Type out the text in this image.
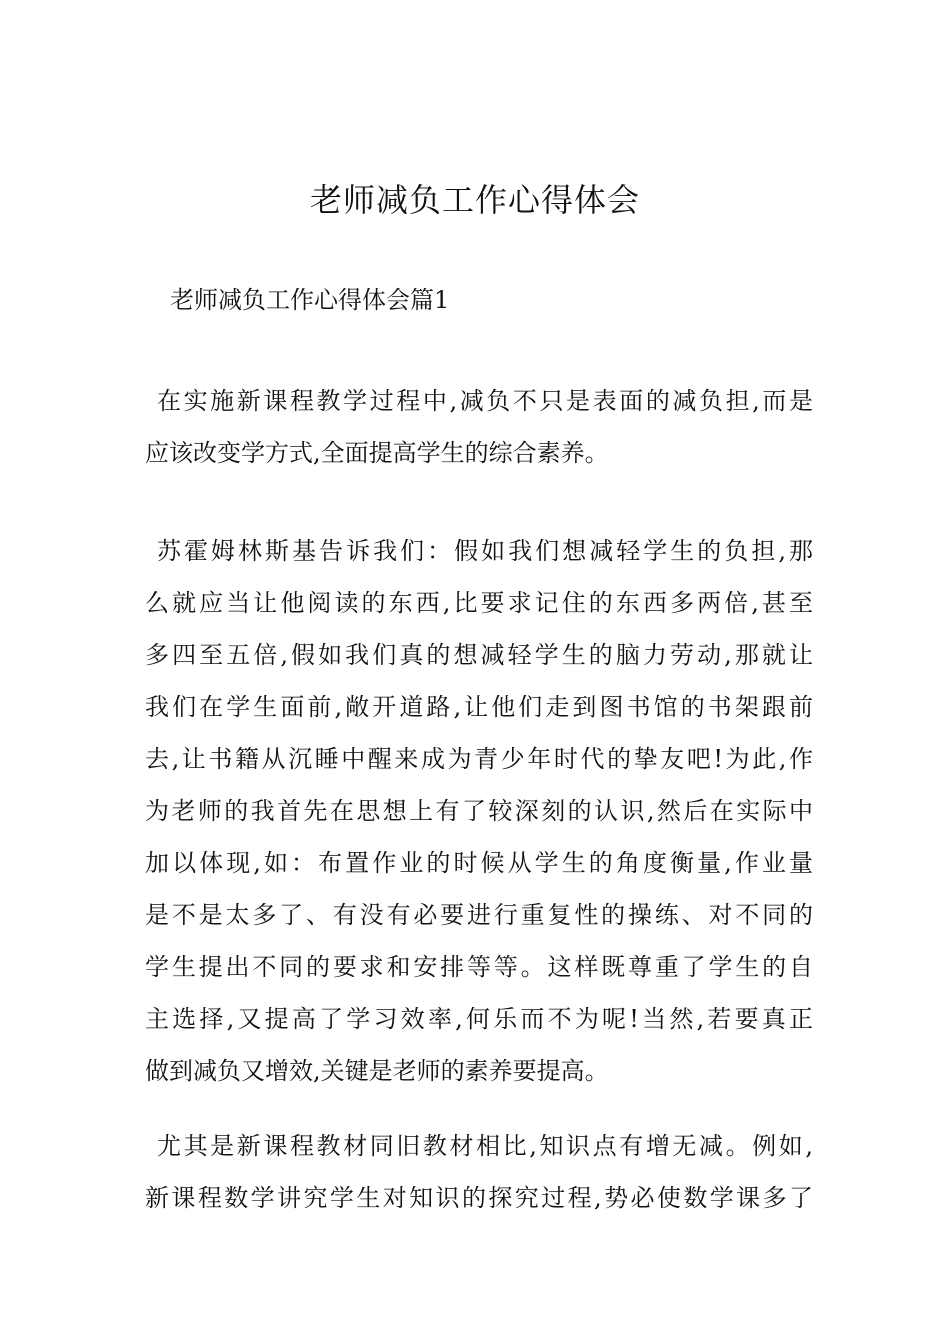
老师减负工作心得体会
老师减负工作心得体会篇1
在实施新课程教学过程中,减负不只是表面的减负担,而是
应该改变学方式,全面提高学生的综合素养。
苏霍姆林斯基告诉我们：假如我们想减轻学生的负担,那
么就应当让他阅读的东西,比要求记住的东西多两倍,甚至
多四至五倍,假如我们真的想减轻学生的脑力劳动,那就让
我们在学生面前,敞开道路,让他们走到图书馆的书架跟前
去,让书籍从沉睡中醒来成为青少年时代的挚友吧!为此,作
为老师的我首先在思想上有了较深刻的认识,然后在实际中
加以体现,如：布置作业的时候从学生的角度衡量,作业量
是不是太多了、有没有必要进行重复性的操练、对不同的
学生提出不同的要求和安排等等。这样既尊重了学生的自
主选择,又提高了学习效率,何乐而不为呢!当然,若要真正
做到减负又增效,关键是老师的素养要提高。
尤其是新课程教材同旧教材相比,知识点有增无减。例如,
新课程数学讲究学生对知识的探究过程,势必使数学课多了
